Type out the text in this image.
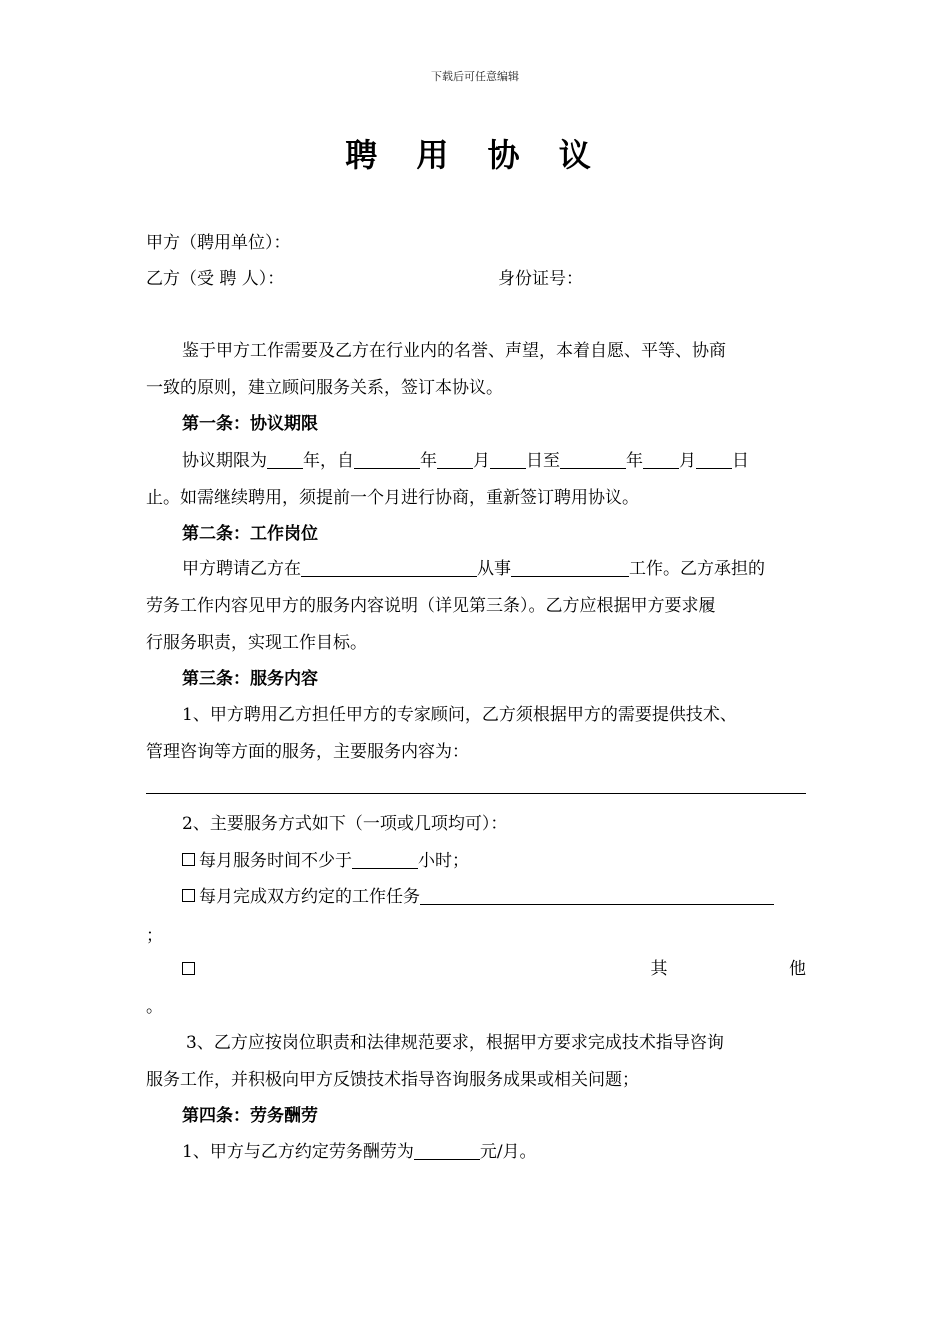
下载后可任意编辑
聘 用 协 议
甲方（聘用单位）：
乙方（受 聘 人）：	身份证号：
鉴于甲方工作需要及乙方在行业内的名誉、声望，本着自愿、平等、协商
一致的原则，建立顾问服务关系，签订本协议。
第一条：协议期限
协议期限为 年，自	年 月 日至	年 月 日
止。如需继续聘用，须提前一个月进行协商，重新签订聘用协议。
第二条：工作岗位
甲方聘请乙方在	从事	工作。乙方承担的
劳务工作内容见甲方的服务内容说明（详见第三条）。乙方应根据甲方要求履
行服务职责，实现工作目标。
第三条：服务内容
1、甲方聘用乙方担任甲方的专家顾问，乙方须根据甲方的需要提供技术、
管理咨询等方面的服务，主要服务内容为：
2、主要服务方式如下（一项或几项均可）：
每月服务时间不少于	小时；
每月完成双方约定的工作任务
；
其	他
。
3、乙方应按岗位职责和法律规范要求，根据甲方要求完成技术指导咨询
服务工作，并积极向甲方反馈技术指导咨询服务成果或相关问题；
第四条：劳务酬劳
1、甲方与乙方约定劳务酬劳为	元/月。
